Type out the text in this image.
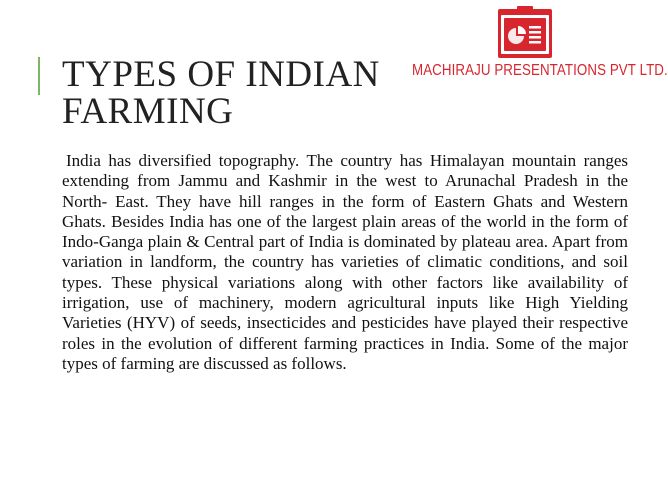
TYPES OF INDIAN
FARMING
MACHIRAJU PRESENTATIONS PVT LTD.

India has diversified topography. The country has Himalayan mountain ranges extending from Jammu and Kashmir in the west to Arunachal Pradesh in the North- East. They have hill ranges in the form of Eastern Ghats and Western Ghats. Besides India has one of the largest plain areas of the world in the form of Indo-Ganga plain & Central part of India is dominated by plateau area. Apart from variation in landform, the country has varieties of climatic conditions, and soil types. These physical variations along with other factors like availability of irrigation, use of machinery, modern agricultural inputs like High Yielding Varieties (HYV) of seeds, insecticides and pesticides have played their respective roles in the evolution of different farming practices in India. Some of the major types of farming are discussed as follows.
